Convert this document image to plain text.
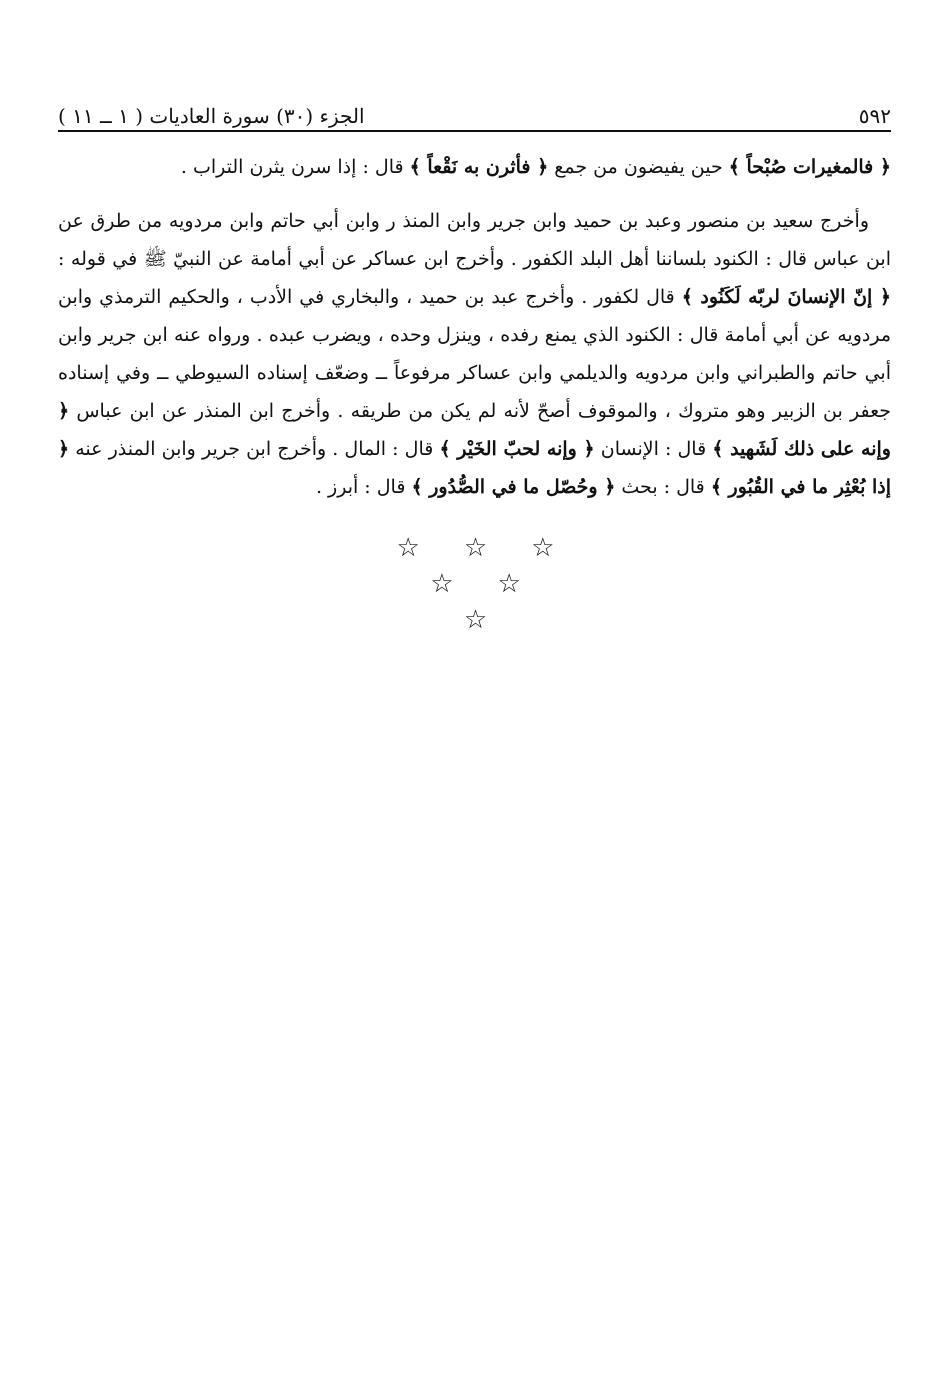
٥٩٢
الجزء (٣٠) سورة العاديات ( ١ ــ ١١ )

﴿ فالمغيرات صُبْحاً ﴾ حين يفيضون من جمع ﴿ فأثرن به نَقْعاً ﴾ قال : إذا سرن يثرن التراب .

وأخرج سعيد بن منصور وعبد بن حميد وابن جرير وابن المنذ ر وابن أبي حاتم وابن مردويه من طرق عن ابن عباس قال : الكنود بلساننا أهل البلد الكفور . وأخرج ابن عساكر عن أبي أمامة عن النبيّ ﷺ في قوله : ﴿ إنّ الإنسانَ لربّه لَكَنُود ﴾ قال لكفور . وأخرج عبد بن حميد ، والبخاري في الأدب ، والحكيم الترمذي وابن مردويه عن أبي أمامة قال : الكنود الذي يمنع رفده ، وينزل وحده ، ويضرب عبده . ورواه عنه ابن جرير وابن أبي حاتم والطبراني وابن مردويه والديلمي وابن عساكر مرفوعاً ــ وضعّف إسناده السيوطي ــ وفي إسناده جعفر بن الزبير وهو متروك ، والموقوف أصحّ لأنه لم يكن من طريقه . وأخرج ابن المنذر عن ابن عباس ﴿ وإنه على ذلك لَشَهيد ﴾ قال : الإنسان ﴿ وإنه لحبّ الخَيْر ﴾ قال : المال . وأخرج ابن جرير وابن المنذر عنه ﴿ إذا بُعْثِر ما في القُبُور ﴾ قال : بحث ﴿ وحُصّل ما في الصُّدُور ﴾ قال : أبرز .

☆ ☆ ☆
☆ ☆
☆
